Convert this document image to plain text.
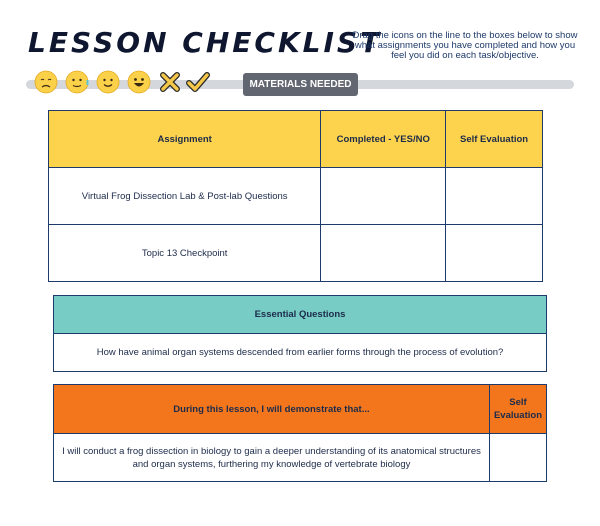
LESSON CHECKLIST
Drag the icons on the line to the boxes below to show what assignments you have completed and how you feel you did on each task/objective.
MATERIALS NEEDED
Assignment	Completed - YES/NO	Self Evaluation
Virtual Frog Dissection Lab & Post-lab Questions		
Topic 13 Checkpoint		
Essential Questions
How have animal organ systems descended from earlier forms through the process of evolution?
During this lesson, I will demonstrate that...	Self Evaluation
I will conduct a frog dissection in biology to gain a deeper understanding of its anatomical structures and organ systems, furthering my knowledge of vertebrate biology	
